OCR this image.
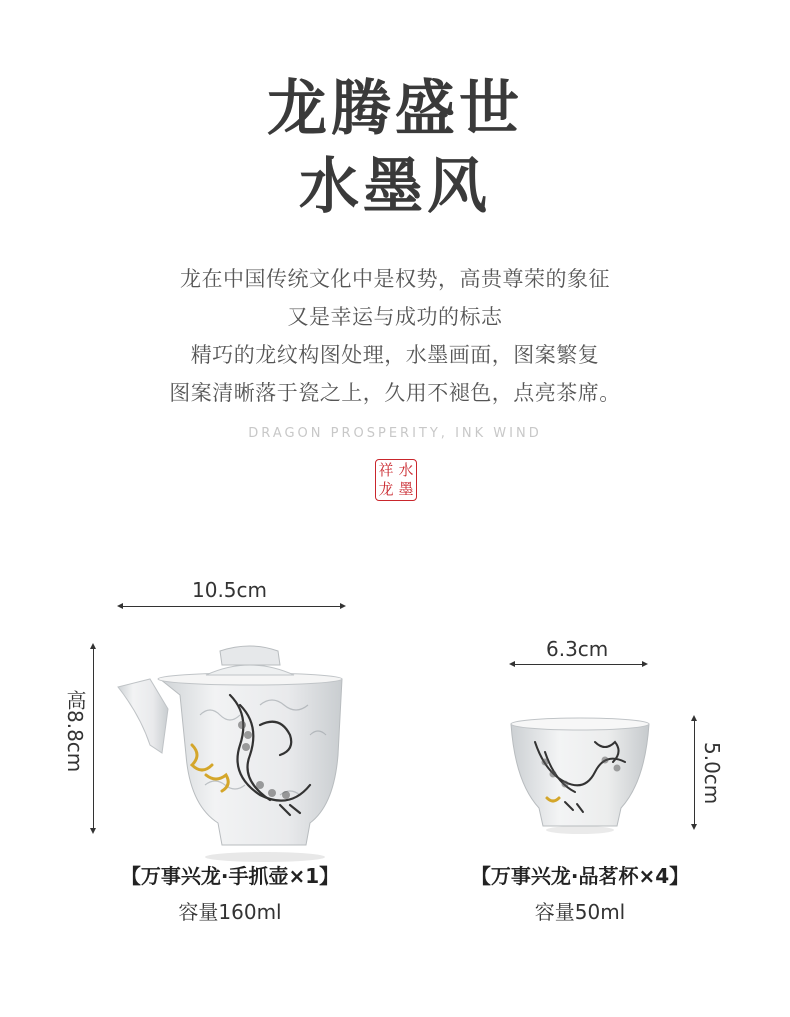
龙腾盛世
水墨风
龙在中国传统文化中是权势，高贵尊荣的象征
又是幸运与成功的标志
精巧的龙纹构图处理，水墨画面，图案繁复
图案清晰落于瓷之上，久用不褪色，点亮茶席。
DRAGON PROSPERITY, INK WIND
水
墨
祥
龙
10.5cm
高8.8cm
【万事兴龙·手抓壶×1】
容量160ml
6.3cm
5.0cm
【万事兴龙·品茗杯×4】
容量50ml
